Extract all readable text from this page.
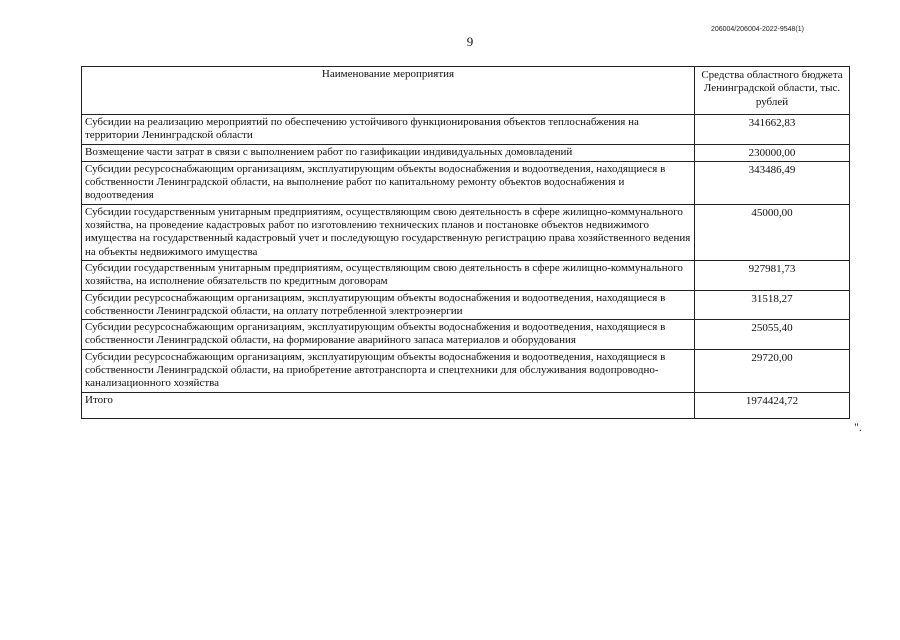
206004/206004-2022-9548(1)
9
Наименование мероприятия	Средства областного бюджета Ленинградской области, тыс. рублей
Субсидии на реализацию мероприятий по обеспечению устойчивого функционирования объектов теплоснабжения на территории Ленинградской области	341662,83
Возмещение части затрат в связи с выполнением работ по газификации индивидуальных домовладений	230000,00
Субсидии ресурсоснабжающим организациям, эксплуатирующим объекты водоснабжения и водоотведения, находящиеся в собственности Ленинградской области, на выполнение работ по капитальному ремонту объектов водоснабжения и водоотведения	343486,49
Субсидии государственным унитарным предприятиям, осуществляющим свою деятельность в сфере жилищно-коммунального хозяйства, на проведение кадастровых работ по изготовлению технических планов и постановке объектов недвижимого имущества на государственный кадастровый учет и последующую государственную регистрацию права хозяйственного ведения на объекты недвижимого имущества	45000,00
Субсидии государственным унитарным предприятиям, осуществляющим свою деятельность в сфере жилищно-коммунального хозяйства, на исполнение обязательств по кредитным договорам	927981,73
Субсидии ресурсоснабжающим организациям, эксплуатирующим объекты водоснабжения и водоотведения, находящиеся в собственности Ленинградской области, на оплату потребленной электроэнергии	31518,27
Субсидии ресурсоснабжающим организациям, эксплуатирующим объекты водоснабжения и водоотведения, находящиеся в собственности Ленинградской области, на формирование аварийного запаса материалов и оборудования	25055,40
Субсидии ресурсоснабжающим организациям, эксплуатирующим объекты водоснабжения и водоотведения, находящиеся в собственности Ленинградской области, на приобретение автотранспорта и спецтехники для обслуживания водопроводно-канализационного хозяйства	29720,00
Итого	1974424,72
".
